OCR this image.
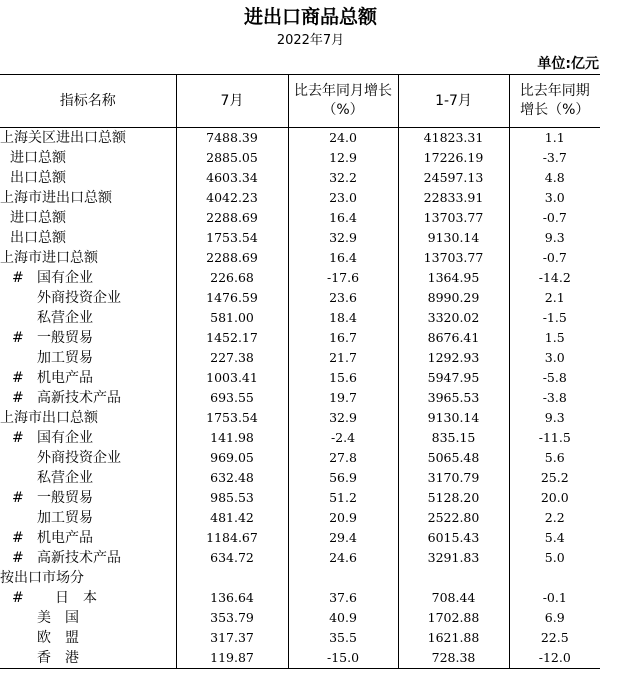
进出口商品总额
2022年7月
单位:亿元
指标名称	7月	比去年同月增长（%）	1-7月	比去年同期增长（%）
上海关区进出口总额	7488.39	24.0	41823.31	1.1
进口总额	2885.05	12.9	17226.19	-3.7
出口总额	4603.34	32.2	24597.13	4.8
上海市进出口总额	4042.23	23.0	22833.91	3.0
进口总额	2288.69	16.4	13703.77	-0.7
出口总额	1753.54	32.9	9130.14	9.3
上海市进口总额	2288.69	16.4	13703.77	-0.7
# 国有企业	226.68	-17.6	1364.95	-14.2
外商投资企业	1476.59	23.6	8990.29	2.1
私营企业	581.00	18.4	3320.02	-1.5
# 一般贸易	1452.17	16.7	8676.41	1.5
加工贸易	227.38	21.7	1292.93	3.0
# 机电产品	1003.41	15.6	5947.95	-5.8
# 高新技术产品	693.55	19.7	3965.53	-3.8
上海市出口总额	1753.54	32.9	9130.14	9.3
# 国有企业	141.98	-2.4	835.15	-11.5
外商投资企业	969.05	27.8	5065.48	5.6
私营企业	632.48	56.9	3170.79	25.2
# 一般贸易	985.53	51.2	5128.20	20.0
加工贸易	481.42	20.9	2522.80	2.2
# 机电产品	1184.67	29.4	6015.43	5.4
# 高新技术产品	634.72	24.6	3291.83	5.0
按出口市场分				
# 日　本	136.64	37.6	708.44	-0.1
美　国	353.79	40.9	1702.88	6.9
欧　盟	317.37	35.5	1621.88	22.5
香　港	119.87	-15.0	728.38	-12.0
